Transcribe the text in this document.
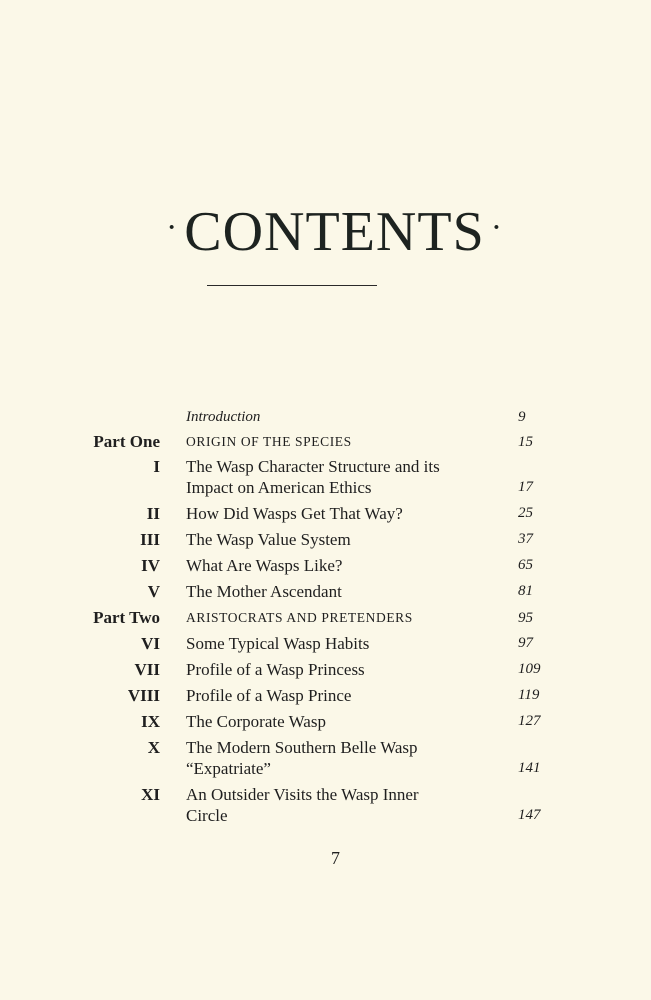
· CONTENTS ·
Introduction	9
Part One ORIGIN OF THE SPECIES	15
I The Wasp Character Structure and its
Impact on American Ethics	17
II How Did Wasps Get That Way?	25
III The Wasp Value System	37
IV What Are Wasps Like?	65
V The Mother Ascendant	81
Part Two ARISTOCRATS AND PRETENDERS	95
VI Some Typical Wasp Habits	97
VII Profile of a Wasp Princess	109
VIII Profile of a Wasp Prince	119
IX The Corporate Wasp	127
X The Modern Southern Belle Wasp
“Expatriate”	141
XI An Outsider Visits the Wasp Inner
Circle	147
7
